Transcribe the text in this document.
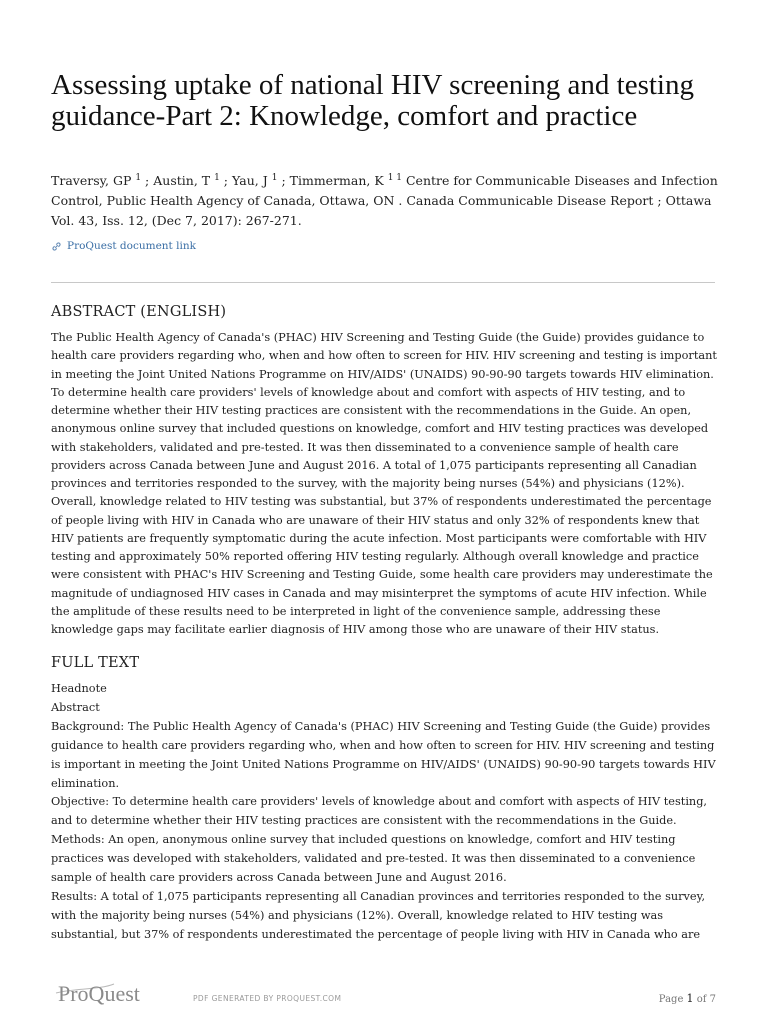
Assessing uptake of national HIV screening and testing guidance-Part 2: Knowledge, comfort and practice
Traversy, GP $^1$ ; Austin, T $^1$ ; Yau, J $^1$ ; Timmerman, K $^{1 1}$ Centre for Communicable Diseases and Infection Control, Public Health Agency of Canada, Ottawa, ON . Canada Communicable Disease Report ; Ottawa Vol. 43, Iss. 12, (Dec 7, 2017): 267-271.
ProQuest document link
ABSTRACT (ENGLISH)

The Public Health Agency of Canada's (PHAC) HIV Screening and Testing Guide (the Guide) provides guidance to health care providers regarding who, when and how often to screen for HIV. HIV screening and testing is important in meeting the Joint United Nations Programme on HIV/AIDS' (UNAIDS) 90-90-90 targets towards HIV elimination. To determine health care providers' levels of knowledge about and comfort with aspects of HIV testing, and to determine whether their HIV testing practices are consistent with the recommendations in the Guide. An open, anonymous online survey that included questions on knowledge, comfort and HIV testing practices was developed with stakeholders, validated and pre-tested. It was then disseminated to a convenience sample of health care providers across Canada between June and August 2016. A total of 1,075 participants representing all Canadian provinces and territories responded to the survey, with the majority being nurses (54%) and physicians (12%). Overall, knowledge related to HIV testing was substantial, but 37% of respondents underestimated the percentage of people living with HIV in Canada who are unaware of their HIV status and only 32% of respondents knew that HIV patients are frequently symptomatic during the acute infection. Most participants were comfortable with HIV testing and approximately 50% reported offering HIV testing regularly. Although overall knowledge and practice were consistent with PHAC's HIV Screening and Testing Guide, some health care providers may underestimate the magnitude of undiagnosed HIV cases in Canada and may misinterpret the symptoms of acute HIV infection. While the amplitude of these results need to be interpreted in light of the convenience sample, addressing these knowledge gaps may facilitate earlier diagnosis of HIV among those who are unaware of their HIV status.

FULL TEXT

Headnote

Abstract

Background: The Public Health Agency of Canada's (PHAC) HIV Screening and Testing Guide (the Guide) provides guidance to health care providers regarding who, when and how often to screen for HIV. HIV screening and testing is important in meeting the Joint United Nations Programme on HIV/AIDS' (UNAIDS) 90-90-90 targets towards HIV elimination.

Objective: To determine health care providers' levels of knowledge about and comfort with aspects of HIV testing, and to determine whether their HIV testing practices are consistent with the recommendations in the Guide.

Methods: An open, anonymous online survey that included questions on knowledge, comfort and HIV testing practices was developed with stakeholders, validated and pre-tested. It was then disseminated to a convenience sample of health care providers across Canada between June and August 2016.

Results: A total of 1,075 participants representing all Canadian provinces and territories responded to the survey, with the majority being nurses (54%) and physicians (12%). Overall, knowledge related to HIV testing was substantial, but 37% of respondents underestimated the percentage of people living with HIV in Canada who are

ProQuest	PDF GENERATED BY PROQUEST.COM	Page 1 of 7
